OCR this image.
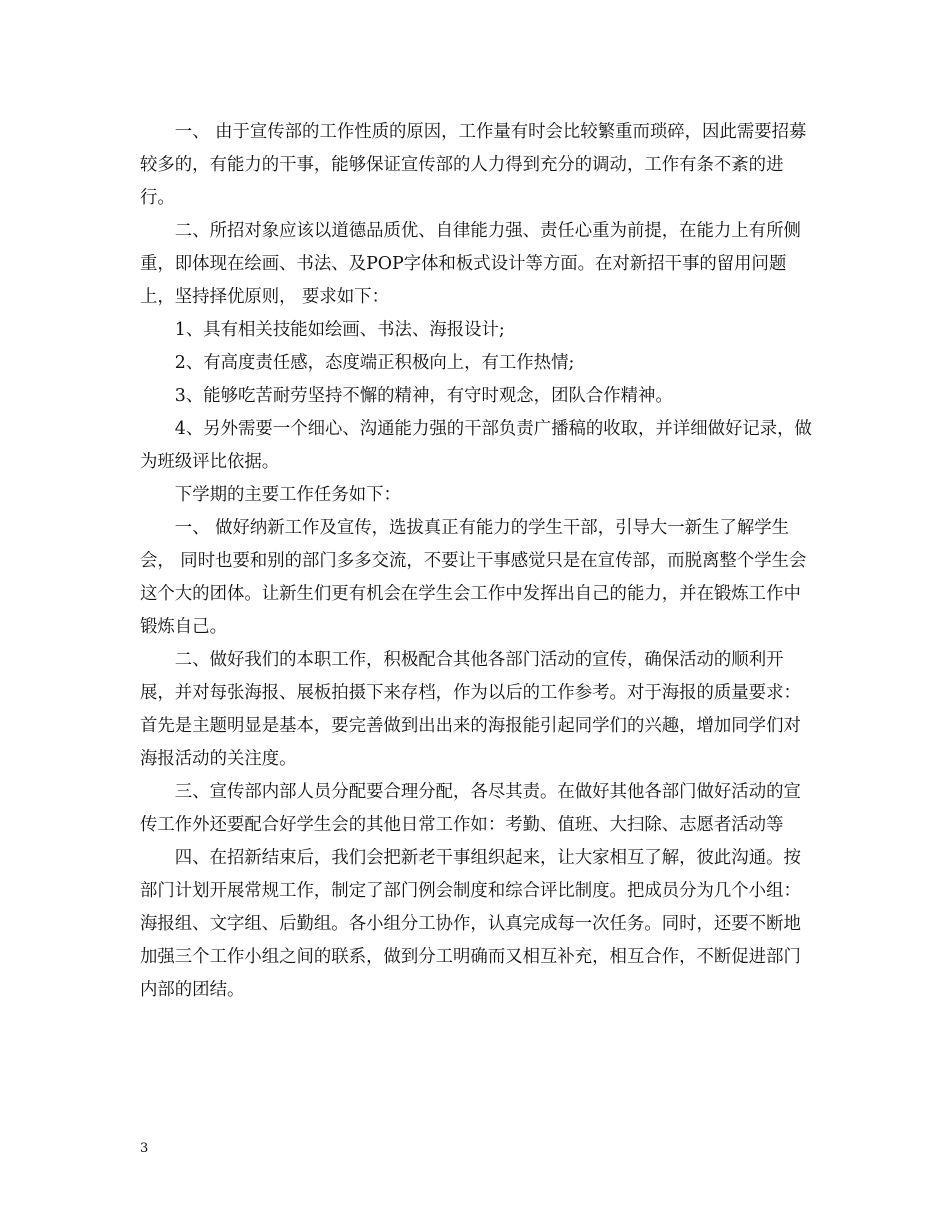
一、 由于宣传部的工作性质的原因，工作量有时会比较繁重而琐碎，因此需要招募较多的，有能力的干事，能够保证宣传部的人力得到充分的调动，工作有条不紊的进行。

二、所招对象应该以道德品质优、自律能力强、责任心重为前提，在能力上有所侧重，即体现在绘画、书法、及POP字体和板式设计等方面。在对新招干事的留用问题上，坚持择优原则， 要求如下：

1、具有相关技能如绘画、书法、海报设计;

2、有高度责任感，态度端正积极向上，有工作热情;

3、能够吃苦耐劳坚持不懈的精神，有守时观念，团队合作精神。

4、另外需要一个细心、沟通能力强的干部负责广播稿的收取，并详细做好记录，做为班级评比依据。

下学期的主要工作任务如下：

一、 做好纳新工作及宣传，选拔真正有能力的学生干部，引导大一新生了解学生会， 同时也要和别的部门多多交流，不要让干事感觉只是在宣传部，而脱离整个学生会这个大的团体。让新生们更有机会在学生会工作中发挥出自己的能力，并在锻炼工作中锻炼自己。

二、做好我们的本职工作，积极配合其他各部门活动的宣传，确保活动的顺利开展，并对每张海报、展板拍摄下来存档，作为以后的工作参考。对于海报的质量要求：首先是主题明显是基本，要完善做到出出来的海报能引起同学们的兴趣，增加同学们对海报活动的关注度。

三、宣传部内部人员分配要合理分配，各尽其责。在做好其他各部门做好活动的宣传工作外还要配合好学生会的其他日常工作如：考勤、值班、大扫除、志愿者活动等

四、在招新结束后，我们会把新老干事组织起来，让大家相互了解，彼此沟通。按部门计划开展常规工作，制定了部门例会制度和综合评比制度。把成员分为几个小组：海报组、文字组、后勤组。各小组分工协作，认真完成每一次任务。同时，还要不断地加强三个工作小组之间的联系，做到分工明确而又相互补充，相互合作，不断促进部门内部的团结。

3
